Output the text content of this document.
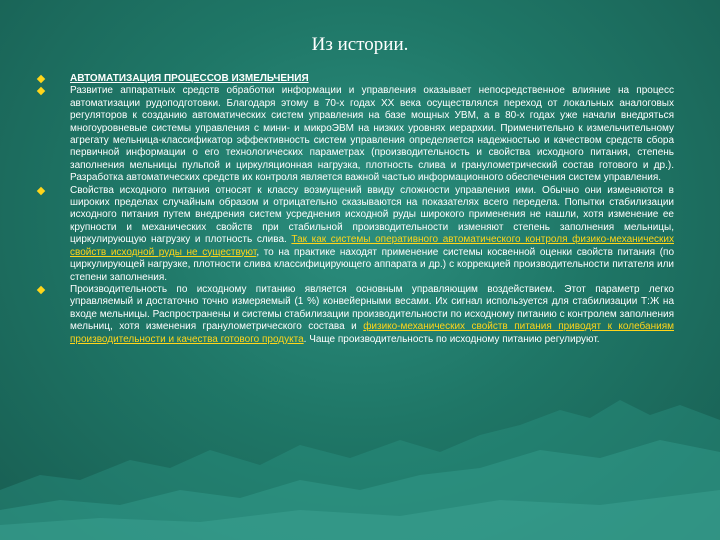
Из истории.
АВТОМАТИЗАЦИЯ ПРОЦЕССОВ ИЗМЕЛЬЧЕНИЯ
Развитие аппаратных средств обработки информации и управления оказывает непосредственное влияние на процесс автоматизации рудоподготовки. Благодаря этому в 70-х годах XX века осуществлялся переход от локальных аналоговых регуляторов к созданию автоматических систем управления на базе мощных УВМ, а в 80-х годах уже начали внедряться многоуровневые системы управления с мини- и микроЭВМ на низких уровнях иерархии. Применительно к измельчительному агрегату мельница-классификатор эффективность систем управления определяется надежностью и качеством средств сбора первичной информации о его технологических параметрах (производительность и свойства исходного питания, степень заполнения мельницы пульпой и циркуляционная нагрузка, плотность слива и гранулометрический состав готового и др.). Разработка автоматических средств их контроля является важной частью информационного обеспечения систем управления.
Свойства исходного питания относят к классу возмущений ввиду сложности управления ими. Обычно они изменяются в широких пределах случайным образом и отрицательно сказываются на показателях всего передела. Попытки стабилизации исходного питания путем внедрения систем усреднения исходной руды широкого применения не нашли, хотя изменение ее крупности и механических свойств при стабильной производительности изменяют степень заполнения мельницы, циркулирующую нагрузку и плотность слива. Так как системы оперативного автоматического контроля физико-механических свойств исходной руды не существуют, то на практике находят применение системы косвенной оценки свойств питания (по циркулирующей нагрузке, плотности слива классифицирующего аппарата и др.) с коррекцией производительности питателя или степени заполнения.
Производительность по исходному питанию является основным управляющим воздействием. Этот параметр легко управляемый и достаточно точно измеряемый (1 %) конвейерными весами. Их сигнал используется для стабилизации Т:Ж на входе мельницы. Распространены и системы стабилизации производительности по исходному питанию с контролем заполнения мельниц, хотя изменения гранулометрического состава и физико-механических свойств питания приводят к колебаниям производительности и качества готового продукта. Чаще производительность по исходному питанию регулируют.
